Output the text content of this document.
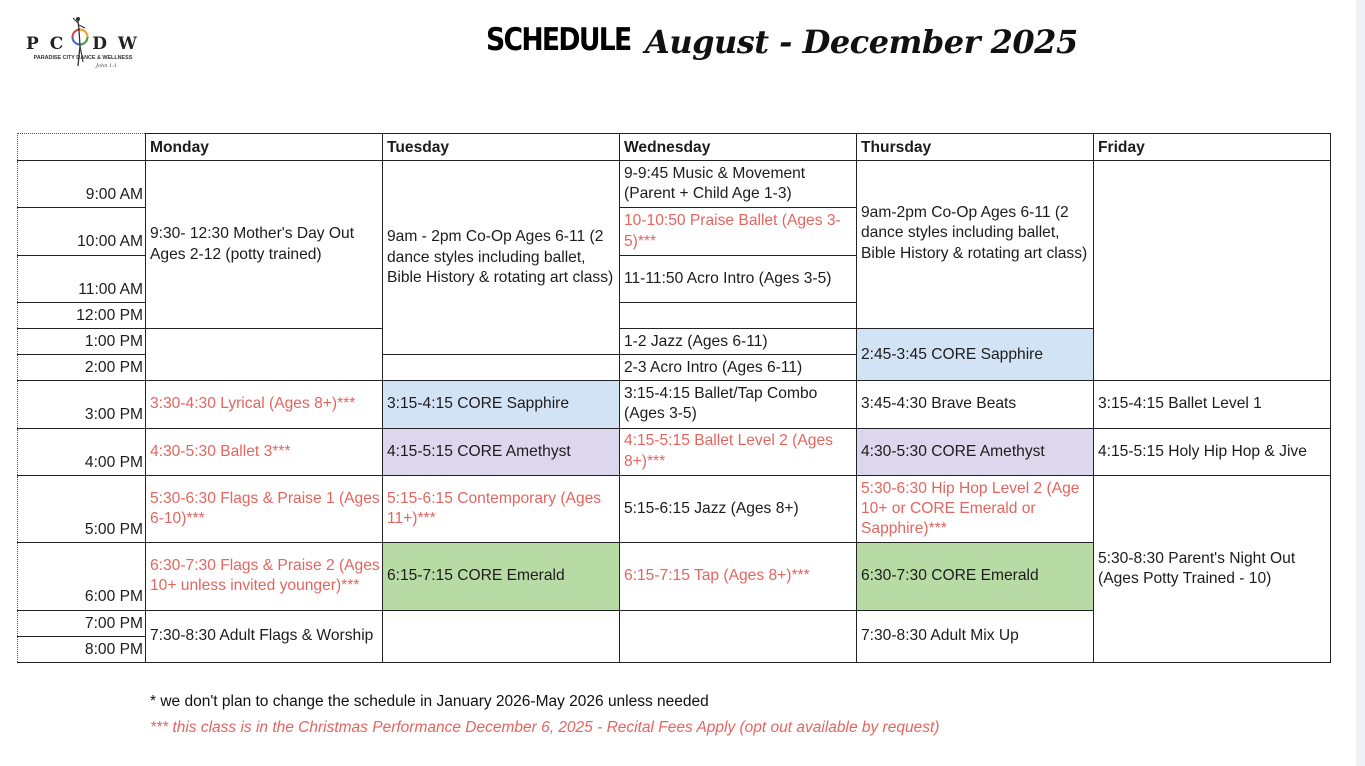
P C D W
PARADISE CITY DANCE & WELLNESS
John 1:1
SCHEDULE August - December 2025
	Monday	Tuesday	Wednesday	Thursday	Friday
9:00 AM	9:30- 12:30 Mother's Day Out Ages 2-12 (potty trained)	9am - 2pm Co-Op Ages 6-11 (2 dance styles including ballet, Bible History & rotating art class)	9-9:45 Music & Movement (Parent + Child Age 1-3)	9am-2pm Co-Op Ages 6-11 (2 dance styles including ballet, Bible History & rotating art class)	
10:00 AM			10-10:50 Praise Ballet (Ages 3-5)***		
11:00 AM			11-11:50 Acro Intro (Ages 3-5)		
12:00 PM					
1:00 PM			1-2 Jazz (Ages 6-11)	2:45-3:45 CORE Sapphire	
2:00 PM			2-3 Acro Intro (Ages 6-11)		
3:00 PM	3:30-4:30 Lyrical (Ages 8+)***	3:15-4:15 CORE Sapphire	3:15-4:15 Ballet/Tap Combo (Ages 3-5)	3:45-4:30 Brave Beats	3:15-4:15 Ballet Level 1
4:00 PM	4:30-5:30 Ballet 3***	4:15-5:15 CORE Amethyst	4:15-5:15 Ballet Level 2 (Ages 8+)***	4:30-5:30 CORE Amethyst	4:15-5:15 Holy Hip Hop & Jive
5:00 PM	5:30-6:30 Flags & Praise 1 (Ages 6-10)***	5:15-6:15 Contemporary (Ages 11+)***	5:15-6:15 Jazz (Ages 8+)	5:30-6:30 Hip Hop Level 2 (Age 10+ or CORE Emerald or Sapphire)***	5:30-8:30 Parent's Night Out (Ages Potty Trained - 10)
6:00 PM	6:30-7:30 Flags & Praise 2 (Ages 10+ unless invited younger)***	6:15-7:15 CORE Emerald	6:15-7:15 Tap (Ages 8+)***	6:30-7:30 CORE Emerald	
7:00 PM	7:30-8:30 Adult Flags & Worship			7:30-8:30 Adult Mix Up	
8:00 PM					
* we don't plan to change the schedule in January 2026-May 2026 unless needed
*** this class is in the Christmas Performance December 6, 2025 - Recital Fees Apply (opt out available by request)
